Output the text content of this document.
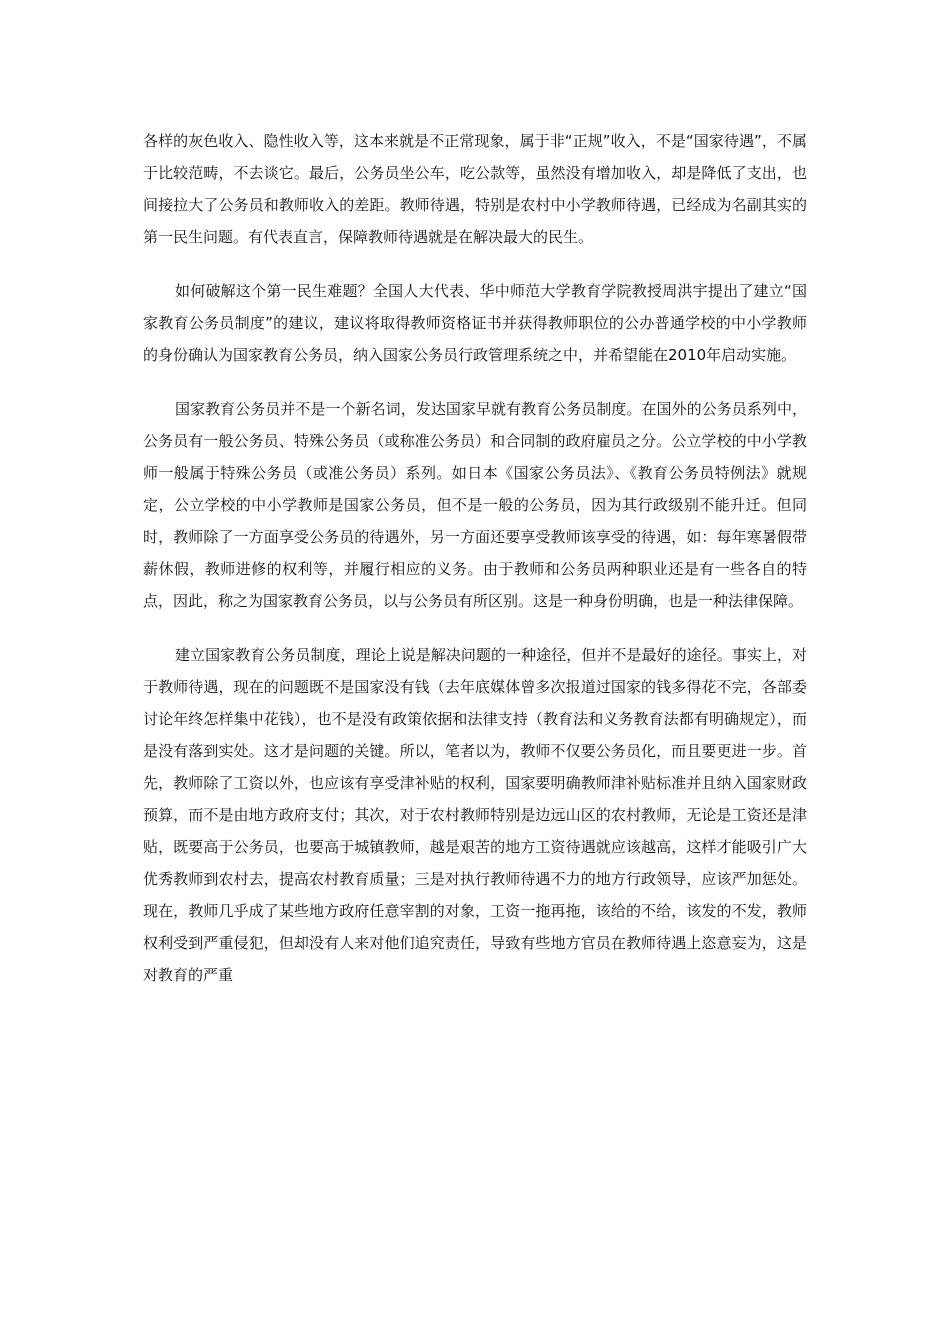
各样的灰色收入、隐性收入等，这本来就是不正常现象，属于非“正规”收入，不是“国家待遇”，不属于比较范畴，不去谈它。最后，公务员坐公车，吃公款等，虽然没有增加收入，却是降低了支出，也间接拉大了公务员和教师收入的差距。教师待遇，特别是农村中小学教师待遇，已经成为名副其实的第一民生问题。有代表直言，保障教师待遇就是在解决最大的民生。

如何破解这个第一民生难题？全国人大代表、华中师范大学教育学院教授周洪宇提出了建立“国家教育公务员制度”的建议，建议将取得教师资格证书并获得教师职位的公办普通学校的中小学教师的身份确认为国家教育公务员，纳入国家公务员行政管理系统之中，并希望能在2010年启动实施。

国家教育公务员并不是一个新名词，发达国家早就有教育公务员制度。在国外的公务员系列中，公务员有一般公务员、特殊公务员（或称准公务员）和合同制的政府雇员之分。公立学校的中小学教师一般属于特殊公务员（或准公务员）系列。如日本《国家公务员法》、《教育公务员特例法》就规定，公立学校的中小学教师是国家公务员，但不是一般的公务员，因为其行政级别不能升迁。但同时，教师除了一方面享受公务员的待遇外，另一方面还要享受教师该享受的待遇，如：每年寒暑假带薪休假，教师进修的权利等，并履行相应的义务。由于教师和公务员两种职业还是有一些各自的特点，因此，称之为国家教育公务员，以与公务员有所区别。这是一种身份明确，也是一种法律保障。

建立国家教育公务员制度，理论上说是解决问题的一种途径，但并不是最好的途径。事实上，对于教师待遇，现在的问题既不是国家没有钱（去年底媒体曾多次报道过国家的钱多得花不完，各部委讨论年终怎样集中花钱），也不是没有政策依据和法律支持（教育法和义务教育法都有明确规定），而是没有落到实处。这才是问题的关键。所以，笔者以为，教师不仅要公务员化，而且要更进一步。首先，教师除了工资以外，也应该有享受津补贴的权利，国家要明确教师津补贴标准并且纳入国家财政预算，而不是由地方政府支付；其次，对于农村教师特别是边远山区的农村教师，无论是工资还是津贴，既要高于公务员，也要高于城镇教师，越是艰苦的地方工资待遇就应该越高，这样才能吸引广大优秀教师到农村去，提高农村教育质量；三是对执行教师待遇不力的地方行政领导，应该严加惩处。现在，教师几乎成了某些地方政府任意宰割的对象，工资一拖再拖，该给的不给，该发的不发，教师权利受到严重侵犯，但却没有人来对他们追究责任，导致有些地方官员在教师待遇上恣意妄为，这是对教育的严重
